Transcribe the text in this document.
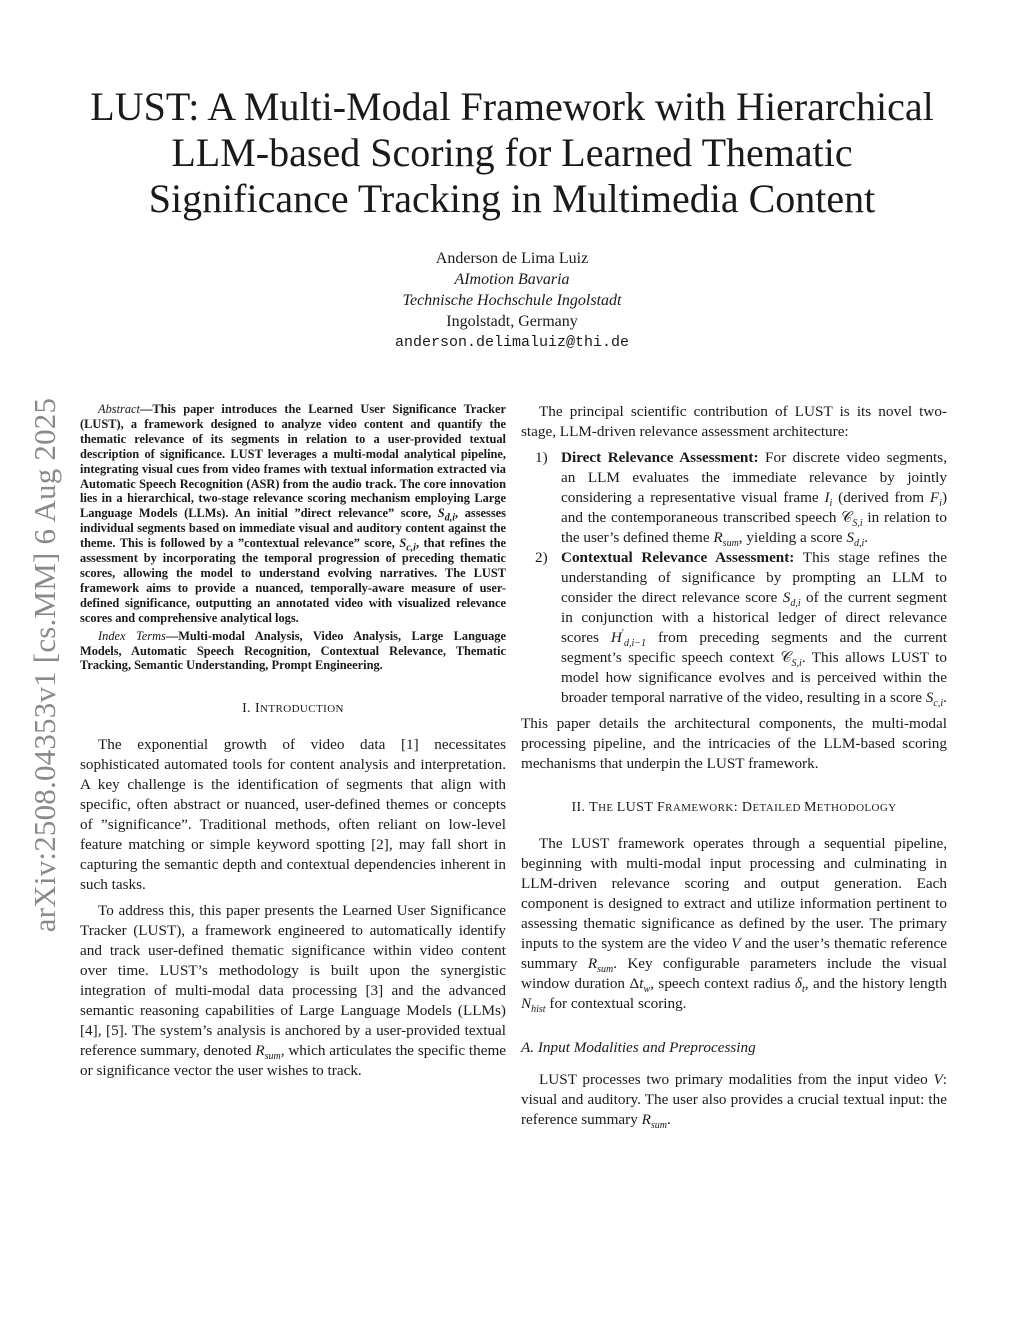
arXiv:2508.04353v1 [cs.MM] 6 Aug 2025
LUST: A Multi-Modal Framework with Hierarchical
LLM-based Scoring for Learned Thematic
Significance Tracking in Multimedia Content
Anderson de Lima Luiz
AImotion Bavaria
Technische Hochschule Ingolstadt
Ingolstadt, Germany
anderson.delimaluiz@thi.de

Abstract—This paper introduces the Learned User Significance Tracker (LUST), a framework designed to analyze video content and quantify the thematic relevance of its segments in relation to a user-provided textual description of significance. LUST leverages a multi-modal analytical pipeline, integrating visual cues from video frames with textual information extracted via Automatic Speech Recognition (ASR) from the audio track. The core innovation lies in a hierarchical, two-stage relevance scoring mechanism employing Large Language Models (LLMs). An initial ”direct relevance” score, $S_{d,i}$, assesses individual segments based on immediate visual and auditory content against the theme. This is followed by a ”contextual relevance” score, $S_{c,i}$, that refines the assessment by incorporating the temporal progression of preceding thematic scores, allowing the model to understand evolving narratives. The LUST framework aims to provide a nuanced, temporally-aware measure of user-defined significance, outputting an annotated video with visualized relevance scores and comprehensive analytical logs.

Index Terms—Multi-modal Analysis, Video Analysis, Large Language Models, Automatic Speech Recognition, Contextual Relevance, Thematic Tracking, Semantic Understanding, Prompt Engineering.

I. INTRODUCTION

The exponential growth of video data [1] necessitates sophisticated automated tools for content analysis and interpretation. A key challenge is the identification of segments that align with specific, often abstract or nuanced, user-defined themes or concepts of ”significance”. Traditional methods, often reliant on low-level feature matching or simple keyword spotting [2], may fall short in capturing the semantic depth and contextual dependencies inherent in such tasks.

To address this, this paper presents the Learned User Significance Tracker (LUST), a framework engineered to automatically identify and track user-defined thematic significance within video content over time. LUST’s methodology is built upon the synergistic integration of multi-modal data processing [3] and the advanced semantic reasoning capabilities of Large Language Models (LLMs) [4], [5]. The system’s analysis is anchored by a user-provided textual reference summary, denoted $R_{sum}$, which articulates the specific theme or significance vector the user wishes to track.

The principal scientific contribution of LUST is its novel two-stage, LLM-driven relevance assessment architecture:

1) Direct Relevance Assessment: For discrete video segments, an LLM evaluates the immediate relevance by jointly considering a representative visual frame $I_i$ (derived from $F_i$) and the contemporaneous transcribed speech 𝒞$_{S,i}$ in relation to the user’s defined theme $R_{sum}$, yielding a score $S_{d,i}$.
2) Contextual Relevance Assessment: This stage refines the understanding of significance by prompting an LLM to consider the direct relevance score $S_{d,i}$ of the current segment in conjunction with a historical ledger of direct relevance scores $H'_{d,i-1}$ from preceding segments and the current segment’s specific speech context 𝒞$_{S,i}$. This allows LUST to model how significance evolves and is perceived within the broader temporal narrative of the video, resulting in a score $S_{c,i}$.

This paper details the architectural components, the multi-modal processing pipeline, and the intricacies of the LLM-based scoring mechanisms that underpin the LUST framework.

II. THE LUST FRAMEWORK: DETAILED METHODOLOGY

The LUST framework operates through a sequential pipeline, beginning with multi-modal input processing and culminating in LLM-driven relevance scoring and output generation. Each component is designed to extract and utilize information pertinent to assessing thematic significance as defined by the user. The primary inputs to the system are the video V and the user’s thematic reference summary $R_{sum}$. Key configurable parameters include the visual window duration $\Delta t_w$, speech context radius $\delta_t$, and the history length $N_{hist}$ for contextual scoring.

A. Input Modalities and Preprocessing

LUST processes two primary modalities from the input video V: visual and auditory. The user also provides a crucial textual input: the reference summary $R_{sum}$.
